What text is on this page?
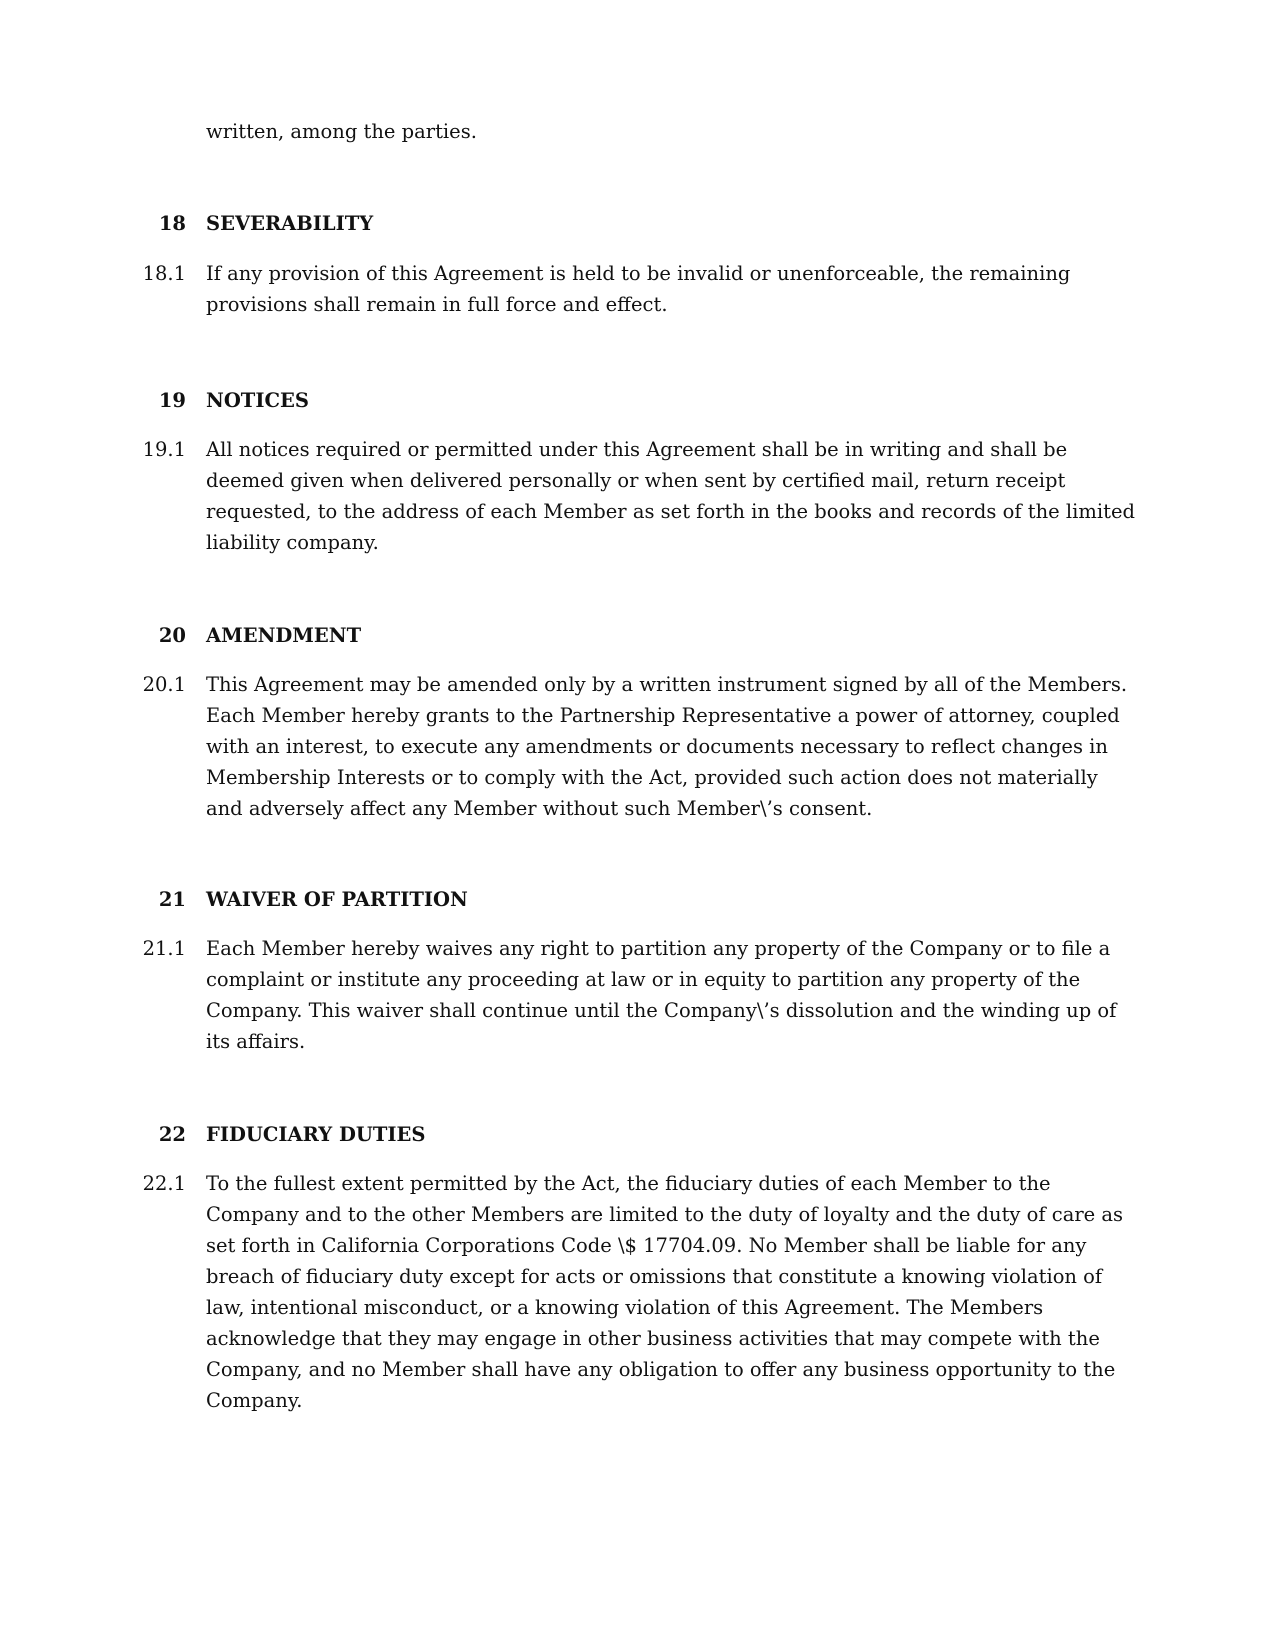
written, among the parties.

18 SEVERABILITY
18.1 If any provision of this Agreement is held to be invalid or unenforceable, the remaining provisions shall remain in full force and effect.

19 NOTICES
19.1 All notices required or permitted under this Agreement shall be in writing and shall be deemed given when delivered personally or when sent by certified mail, return receipt requested, to the address of each Member as set forth in the books and records of the limited liability company.

20 AMENDMENT
20.1 This Agreement may be amended only by a written instrument signed by all of the Members. Each Member hereby grants to the Partnership Representative a power of attorney, coupled with an interest, to execute any amendments or documents necessary to reflect changes in Membership Interests or to comply with the Act, provided such action does not materially and adversely affect any Member without such Member\’s consent.

21 WAIVER OF PARTITION
21.1 Each Member hereby waives any right to partition any property of the Company or to file a complaint or institute any proceeding at law or in equity to partition any property of the Company. This waiver shall continue until the Company\’s dissolution and the winding up of its affairs.

22 FIDUCIARY DUTIES
22.1 To the fullest extent permitted by the Act, the fiduciary duties of each Member to the Company and to the other Members are limited to the duty of loyalty and the duty of care as set forth in California Corporations Code \$ 17704.09. No Member shall be liable for any breach of fiduciary duty except for acts or omissions that constitute a knowing violation of law, intentional misconduct, or a knowing violation of this Agreement. The Members acknowledge that they may engage in other business activities that may compete with the Company, and no Member shall have any obligation to offer any business opportunity to the Company.
